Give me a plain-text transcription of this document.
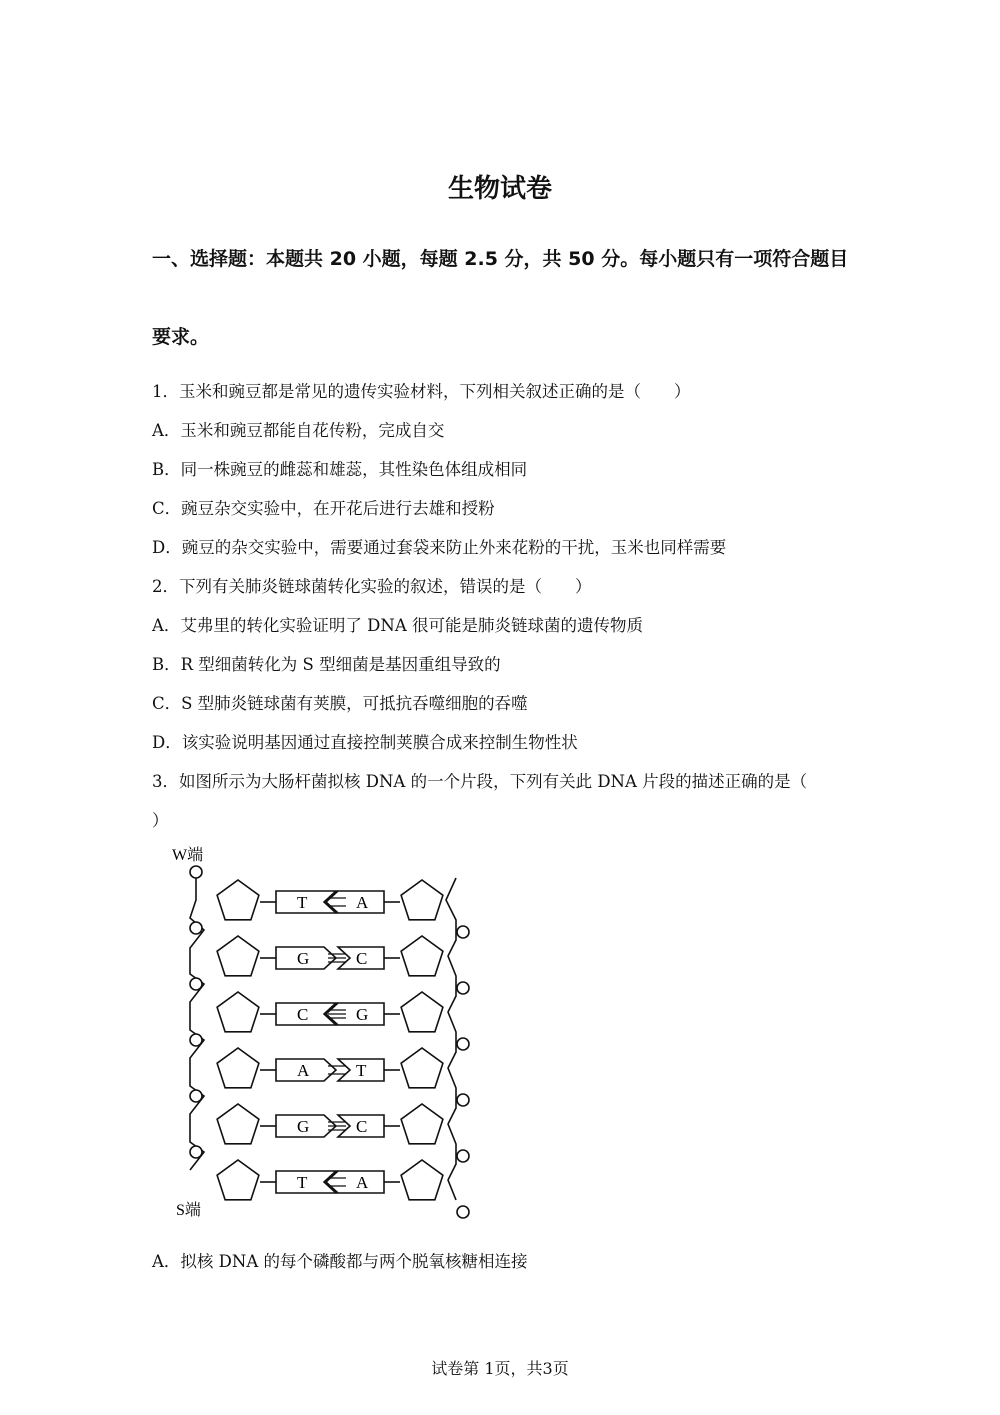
生物试卷
一、选择题：本题共 20 小题，每题 2.5 分，共 50 分。每小题只有一项符合题目
要求。
1．玉米和豌豆都是常见的遗传实验材料，下列相关叙述正确的是（　　）
A．玉米和豌豆都能自花传粉，完成自交
B．同一株豌豆的雌蕊和雄蕊，其性染色体组成相同
C．豌豆杂交实验中，在开花后进行去雄和授粉
D．豌豆的杂交实验中，需要通过套袋来防止外来花粉的干扰，玉米也同样需要
2．下列有关肺炎链球菌转化实验的叙述，错误的是（　　）
A．艾弗里的转化实验证明了 DNA 很可能是肺炎链球菌的遗传物质
B．R 型细菌转化为 S 型细菌是基因重组导致的
C．S 型肺炎链球菌有荚膜，可抵抗吞噬细胞的吞噬
D．该实验说明基因通过直接控制荚膜合成来控制生物性状
3．如图所示为大肠杆菌拟核 DNA 的一个片段，下列有关此 DNA 片段的描述正确的是（
）
T	A
G	C
C	G
A	T
G	C
T	A
W端
S端
A．拟核 DNA 的每个磷酸都与两个脱氧核糖相连接
试卷第 1页，共3页
